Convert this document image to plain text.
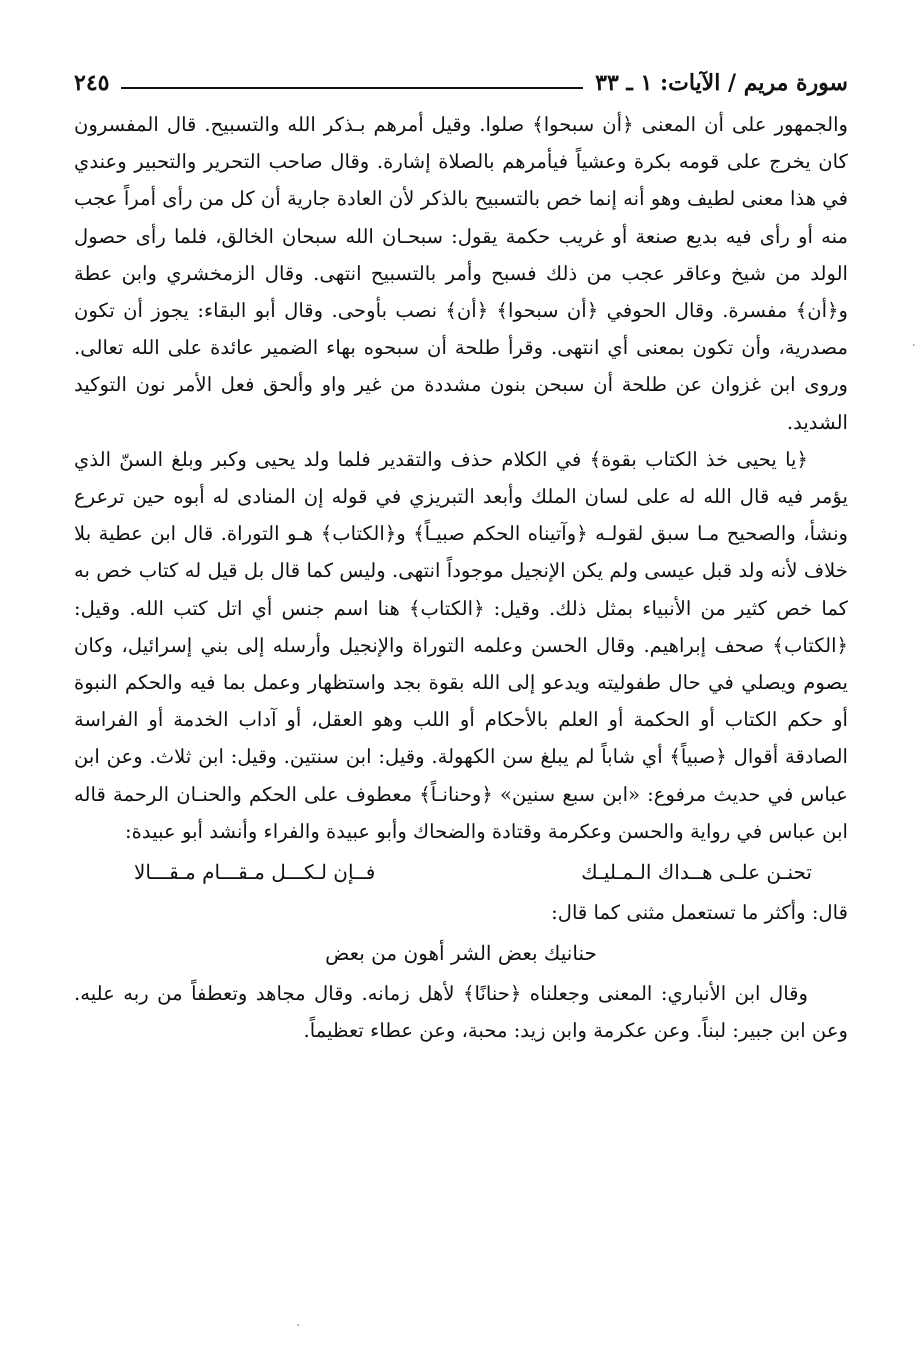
سورة مريم / الآيات: ١ ـ ٣٣
٢٤٥

والجمهور على أن المعنى ﴿أن سبحوا﴾ صلوا. وقيل أمرهم بـذكر الله والتسبيح. قال المفسرون كان يخرج على قومه بكرة وعشياً فيأمرهم بالصلاة إشارة. وقال صاحب التحرير والتحبير وعندي في هذا معنى لطيف وهو أنه إنما خص بالتسبيح بالذكر لأن العادة جارية أن كل من رأى أمراً عجب منه أو رأى فيه بديع صنعة أو غريب حكمة يقول: سبحـان الله سبحان الخالق، فلما رأى حصول الولد من شيخ وعاقر عجب من ذلك فسبح وأمر بالتسبيح انتهى. وقال الزمخشري وابن عطة و﴿أن﴾ مفسرة. وقال الحوفي ﴿أن سبحوا﴾ ﴿أن﴾ نصب بأوحى. وقال أبو البقاء: يجوز أن تكون مصدرية، وأن تكون بمعنى أي انتهى. وقرأ طلحة أن سبحوه بهاء الضمير عائدة على الله تعالى. وروى ابن غزوان عن طلحة أن سبحن بنون مشددة من غير واو وألحق فعل الأمر نون التوكيد الشديد.

﴿يا يحيى خذ الكتاب بقوة﴾ في الكلام حذف والتقدير فلما ولد يحيى وكبر وبلغ السنّ الذي يؤمر فيه قال الله له على لسان الملك وأبعد التبريزي في قوله إن المنادى له أبوه حين ترعرع ونشأ، والصحيح مـا سبق لقولـه ﴿وآتيناه الحكم صبيـاً﴾ و﴿الكتاب﴾ هـو التوراة. قال ابن عطية بلا خلاف لأنه ولد قبل عيسى ولم يكن الإنجيل موجوداً انتهى. وليس كما قال بل قيل له كتاب خص به كما خص كثير من الأنبياء بمثل ذلك. وقيل: ﴿الكتاب﴾ هنا اسم جنس أي اتل كتب الله. وقيل: ﴿الكتاب﴾ صحف إبراهيم. وقال الحسن وعلمه التوراة والإنجيل وأرسله إلى بني إسرائيل، وكان يصوم ويصلي في حال طفوليته ويدعو إلى الله بقوة بجد واستظهار وعمل بما فيه والحكم النبوة أو حكم الكتاب أو الحكمة أو العلم بالأحكام أو اللب وهو العقل، أو آداب الخدمة أو الفراسة الصادقة أقوال ﴿صبياً﴾ أي شاباً لم يبلغ سن الكهولة. وقيل: ابن سنتين. وقيل: ابن ثلاث. وعن ابن عباس في حديث مرفوع: «ابن سبع سنين» ﴿وحنانـاً﴾ معطوف على الحكم والحنـان الرحمة قاله ابن عباس في رواية والحسن وعكرمة وقتادة والضحاك وأبو عبيدة والفراء وأنشد أبو عبيدة:

تحنـن علـى هــداك الـمـليـك
فــإن لـكـــل مـقـــام مـقـــالا

قال: وأكثر ما تستعمل مثنى كما قال:

حنانيك بعض الشر أهون من بعض

وقال ابن الأنباري: المعنى وجعلناه ﴿حنانًا﴾ لأهل زمانه. وقال مجاهد وتعطفاً من ربه عليه. وعن ابن جبير: لبناً. وعن عكرمة وابن زيد: محبة، وعن عطاء تعظيماً.

·
·
